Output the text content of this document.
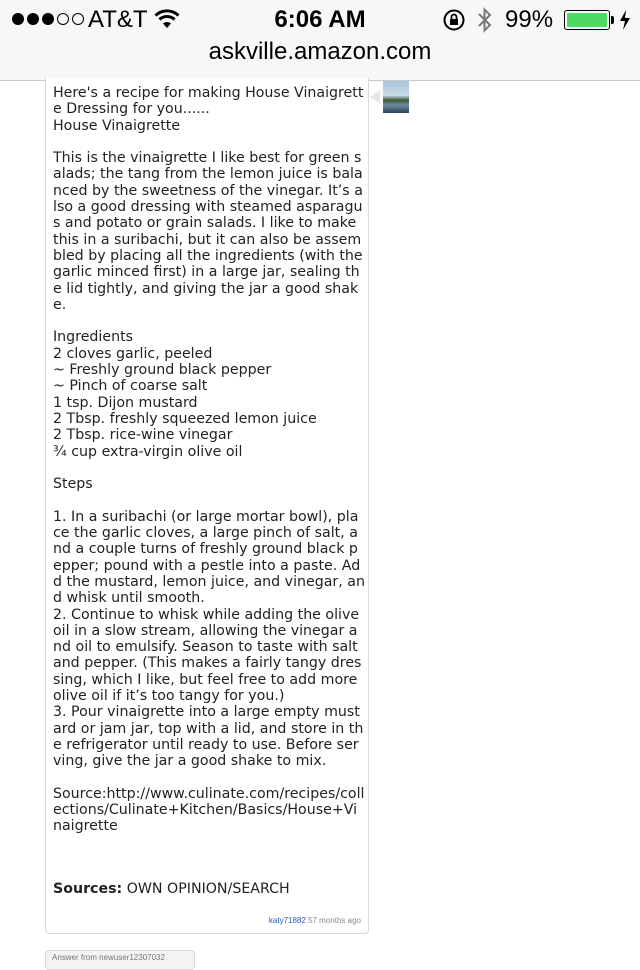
AT&T	6:06 AM	99%
askville.amazon.com
Here's a recipe for making House Vinaigrette Dressing for you......
House Vinaigrette

This is the vinaigrette I like best for green salads; the tang from the lemon juice is balanced by the sweetness of the vinegar. It’s also a good dressing with steamed asparagus and potato or grain salads. I like to make this in a suribachi, but it can also be assembled by placing all the ingredients (with the garlic minced first) in a large jar, sealing the lid tightly, and giving the jar a good shake.

Ingredients
2 cloves garlic, peeled
~ Freshly ground black pepper
~ Pinch of coarse salt
1 tsp. Dijon mustard
2 Tbsp. freshly squeezed lemon juice
2 Tbsp. rice-wine vinegar
¾ cup extra-virgin olive oil

Steps

1. In a suribachi (or large mortar bowl), place the garlic cloves, a large pinch of salt, and a couple turns of freshly ground black pepper; pound with a pestle into a paste. Add the mustard, lemon juice, and vinegar, and whisk until smooth.
2. Continue to whisk while adding the olive oil in a slow stream, allowing the vinegar and oil to emulsify. Season to taste with salt and pepper. (This makes a fairly tangy dressing, which I like, but feel free to add more olive oil if it’s too tangy for you.)
3. Pour vinaigrette into a large empty mustard or jam jar, top with a lid, and store in the refrigerator until ready to use. Before serving, give the jar a good shake to mix.

Source:http://www.culinate.com/recipes/collections/Culinate+Kitchen/Basics/House+Vinaigrette
Sources: OWN OPINION/SEARCH
katy71882 57 months ago
Answer from newuser12307032
